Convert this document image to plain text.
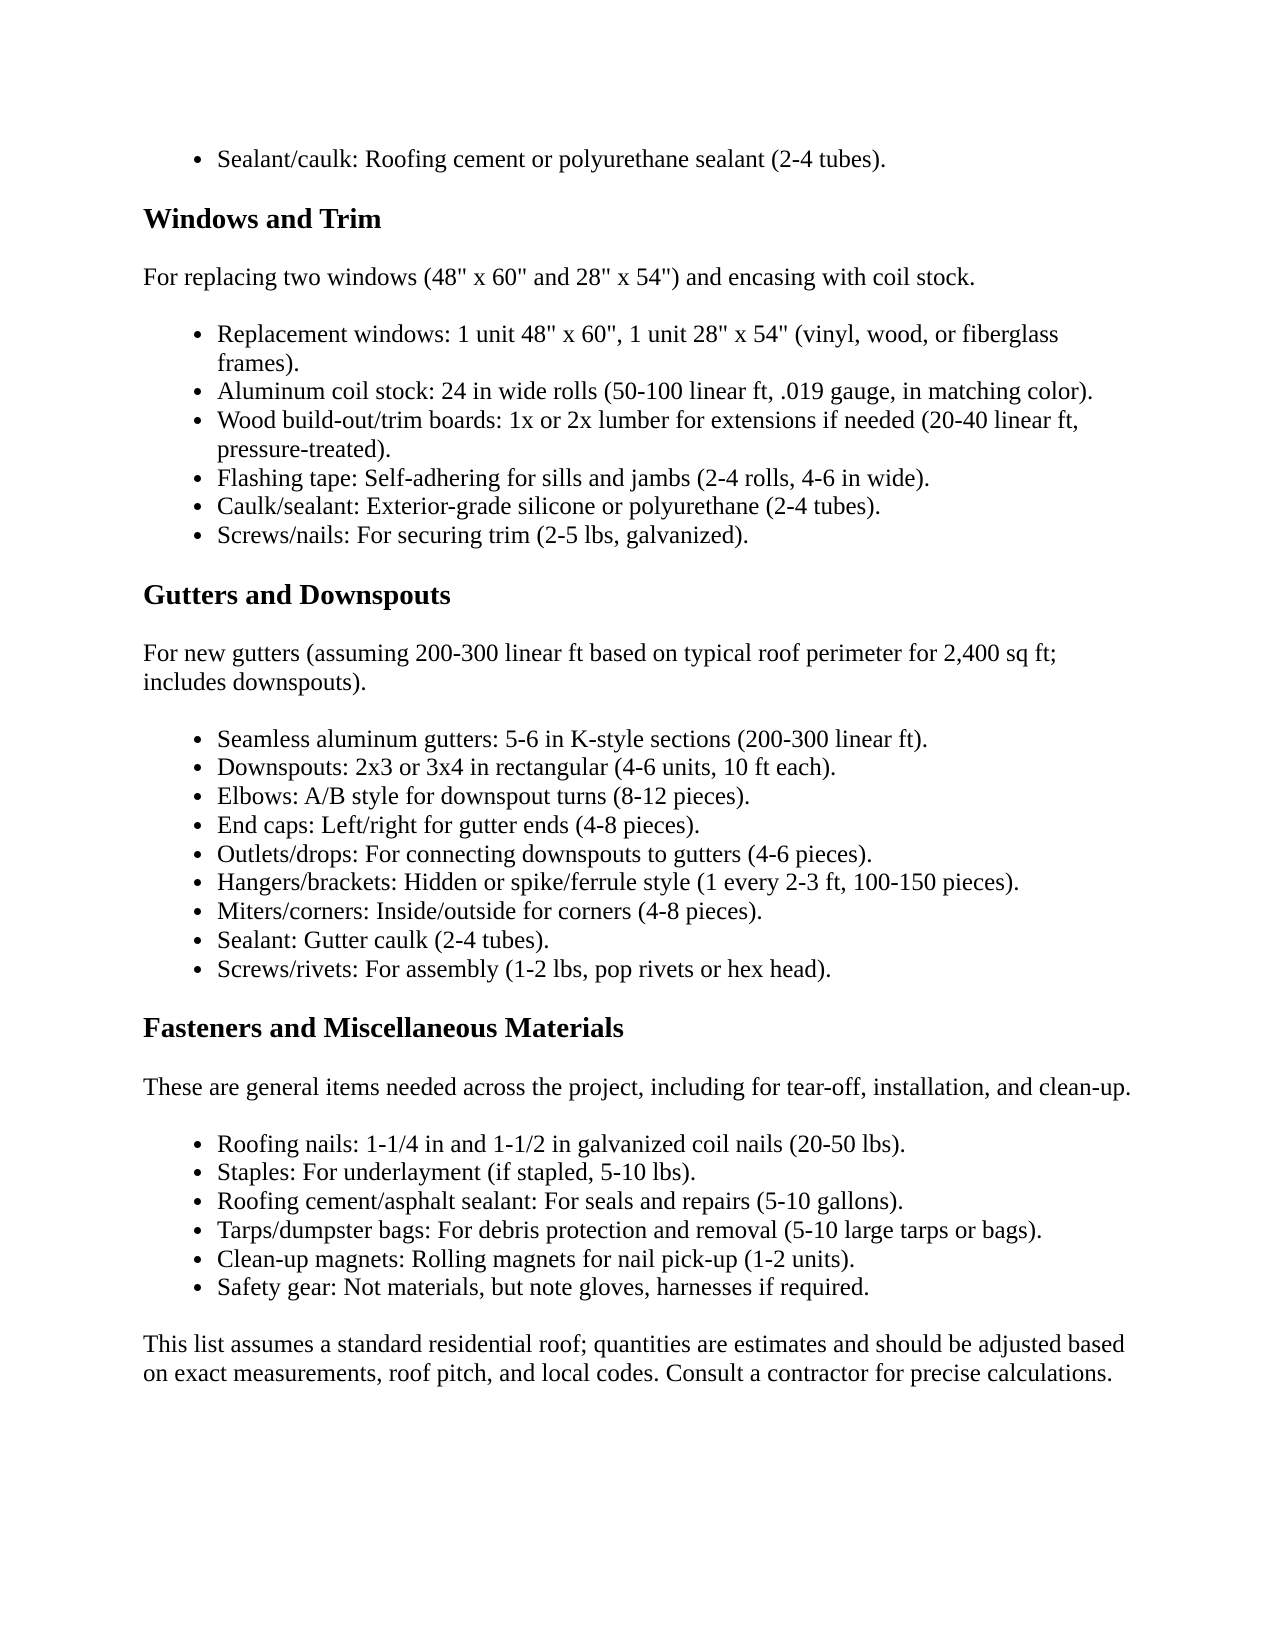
• Sealant/caulk: Roofing cement or polyurethane sealant (2-4 tubes).
Windows and Trim

For replacing two windows (48" x 60" and 28" x 54") and encasing with coil stock.

• Replacement windows: 1 unit 48" x 60", 1 unit 28" x 54" (vinyl, wood, or fiberglass frames).
• Aluminum coil stock: 24 in wide rolls (50-100 linear ft, .019 gauge, in matching color).
• Wood build-out/trim boards: 1x or 2x lumber for extensions if needed (20-40 linear ft, pressure-treated).
• Flashing tape: Self-adhering for sills and jambs (2-4 rolls, 4-6 in wide).
• Caulk/sealant: Exterior-grade silicone or polyurethane (2-4 tubes).
• Screws/nails: For securing trim (2-5 lbs, galvanized).
Gutters and Downspouts

For new gutters (assuming 200-300 linear ft based on typical roof perimeter for 2,400 sq ft; includes downspouts).

• Seamless aluminum gutters: 5-6 in K-style sections (200-300 linear ft).
• Downspouts: 2x3 or 3x4 in rectangular (4-6 units, 10 ft each).
• Elbows: A/B style for downspout turns (8-12 pieces).
• End caps: Left/right for gutter ends (4-8 pieces).
• Outlets/drops: For connecting downspouts to gutters (4-6 pieces).
• Hangers/brackets: Hidden or spike/ferrule style (1 every 2-3 ft, 100-150 pieces).
• Miters/corners: Inside/outside for corners (4-8 pieces).
• Sealant: Gutter caulk (2-4 tubes).
• Screws/rivets: For assembly (1-2 lbs, pop rivets or hex head).
Fasteners and Miscellaneous Materials

These are general items needed across the project, including for tear-off, installation, and clean-up.

• Roofing nails: 1-1/4 in and 1-1/2 in galvanized coil nails (20-50 lbs).
• Staples: For underlayment (if stapled, 5-10 lbs).
• Roofing cement/asphalt sealant: For seals and repairs (5-10 gallons).
• Tarps/dumpster bags: For debris protection and removal (5-10 large tarps or bags).
• Clean-up magnets: Rolling magnets for nail pick-up (1-2 units).
• Safety gear: Not materials, but note gloves, harnesses if required.

This list assumes a standard residential roof; quantities are estimates and should be adjusted based on exact measurements, roof pitch, and local codes. Consult a contractor for precise calculations.
